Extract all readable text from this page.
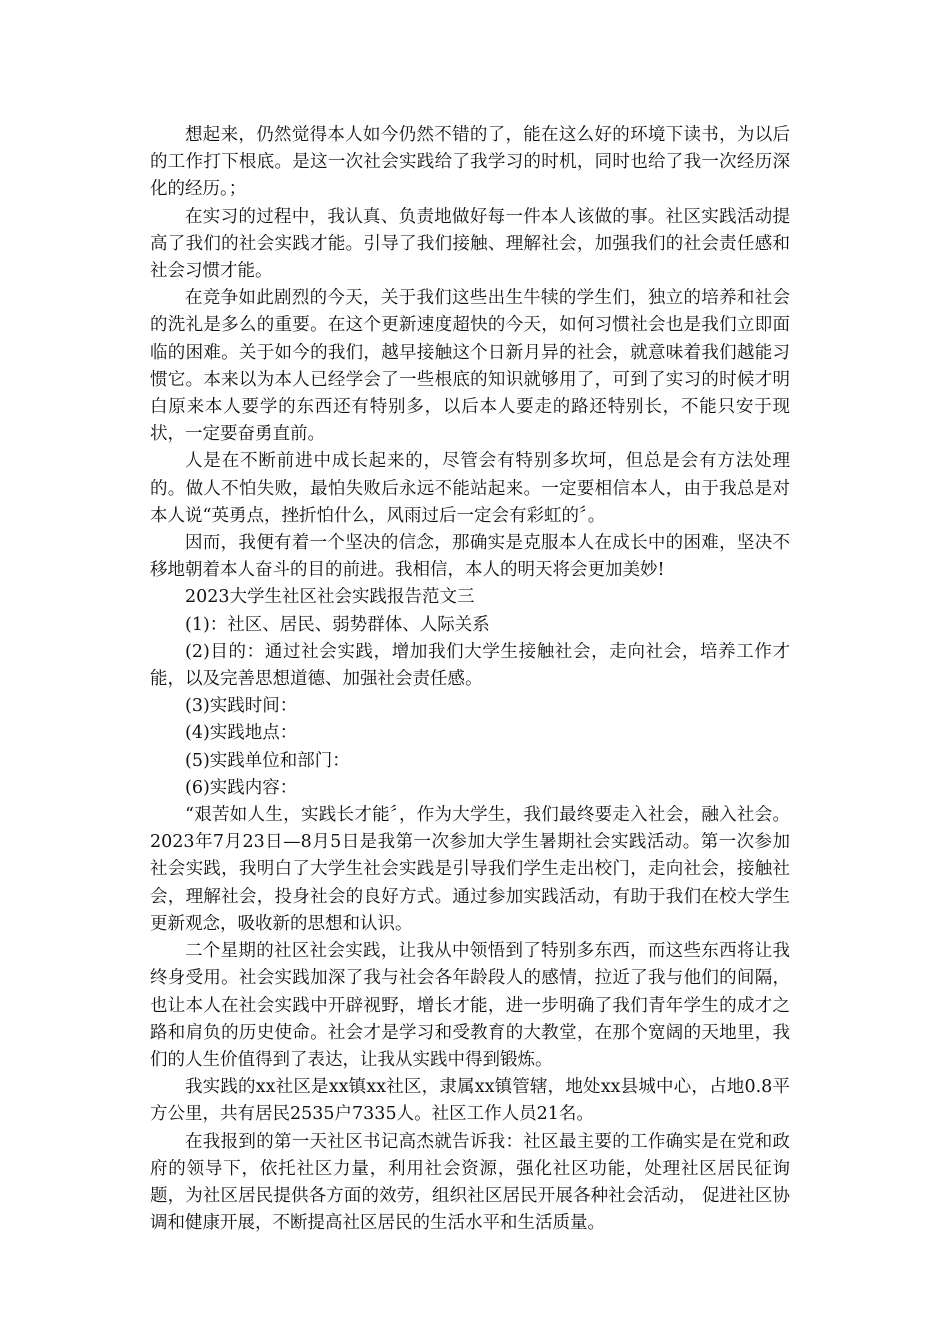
想起来，仍然觉得本人如今仍然不错的了，能在这么好的环境下读书，为以后的工作打下根底。是这一次社会实践给了我学习的时机，同时也给了我一次经历深化的经历。；

在实习的过程中，我认真、负责地做好每一件本人该做的事。社区实践活动提高了我们的社会实践才能。引导了我们接触、理解社会，加强我们的社会责任感和社会习惯才能。

在竞争如此剧烈的今天，关于我们这些出生牛犊的学生们，独立的培养和社会的洗礼是多么的重要。在这个更新速度超快的今天，如何习惯社会也是我们立即面临的困难。关于如今的我们，越早接触这个日新月异的社会，就意味着我们越能习惯它。本来以为本人已经学会了一些根底的知识就够用了，可到了实习的时候才明白原来本人要学的东西还有特别多，以后本人要走的路还特别长，不能只安于现状，一定要奋勇直前。

人是在不断前进中成长起来的，尽管会有特别多坎坷，但总是会有方法处理的。做人不怕失败，最怕失败后永远不能站起来。一定要相信本人，由于我总是对本人说“英勇点，挫折怕什么，风雨过后一定会有彩虹的〞。

因而，我便有着一个坚决的信念，那确实是克服本人在成长中的困难，坚决不移地朝着本人奋斗的目的前进。我相信，本人的明天将会更加美妙!

2023大学生社区社会实践报告范文三

(1)：社区、居民、弱势群体、人际关系

(2)目的：通过社会实践，增加我们大学生接触社会，走向社会，培养工作才能，以及完善思想道德、加强社会责任感。

(3)实践时间：

(4)实践地点：

(5)实践单位和部门：

(6)实践内容：

“艰苦如人生，实践长才能〞，作为大学生，我们最终要走入社会，融入社会。2023年7月23日—8月5日是我第一次参加大学生暑期社会实践活动。第一次参加社会实践，我明白了大学生社会实践是引导我们学生走出校门，走向社会，接触社会，理解社会，投身社会的良好方式。通过参加实践活动，有助于我们在校大学生更新观念，吸收新的思想和认识。

二个星期的社区社会实践，让我从中领悟到了特别多东西，而这些东西将让我终身受用。社会实践加深了我与社会各年龄段人的感情，拉近了我与他们的间隔，也让本人在社会实践中开辟视野，增长才能，进一步明确了我们青年学生的成才之路和肩负的历史使命。社会才是学习和受教育的大教堂，在那个宽阔的天地里，我们的人生价值得到了表达，让我从实践中得到锻炼。

我实践的xx社区是xx镇xx社区，隶属xx镇管辖，地处xx县城中心，占地0.8平方公里，共有居民2535户7335人。社区工作人员21名。

在我报到的第一天社区书记高杰就告诉我：社区最主要的工作确实是在党和政府的领导下，依托社区力量，利用社会资源，强化社区功能，处理社区居民征询题，为社区居民提供各方面的效劳，组织社区居民开展各种社会活动， 促进社区协调和健康开展，不断提高社区居民的生活水平和生活质量。
